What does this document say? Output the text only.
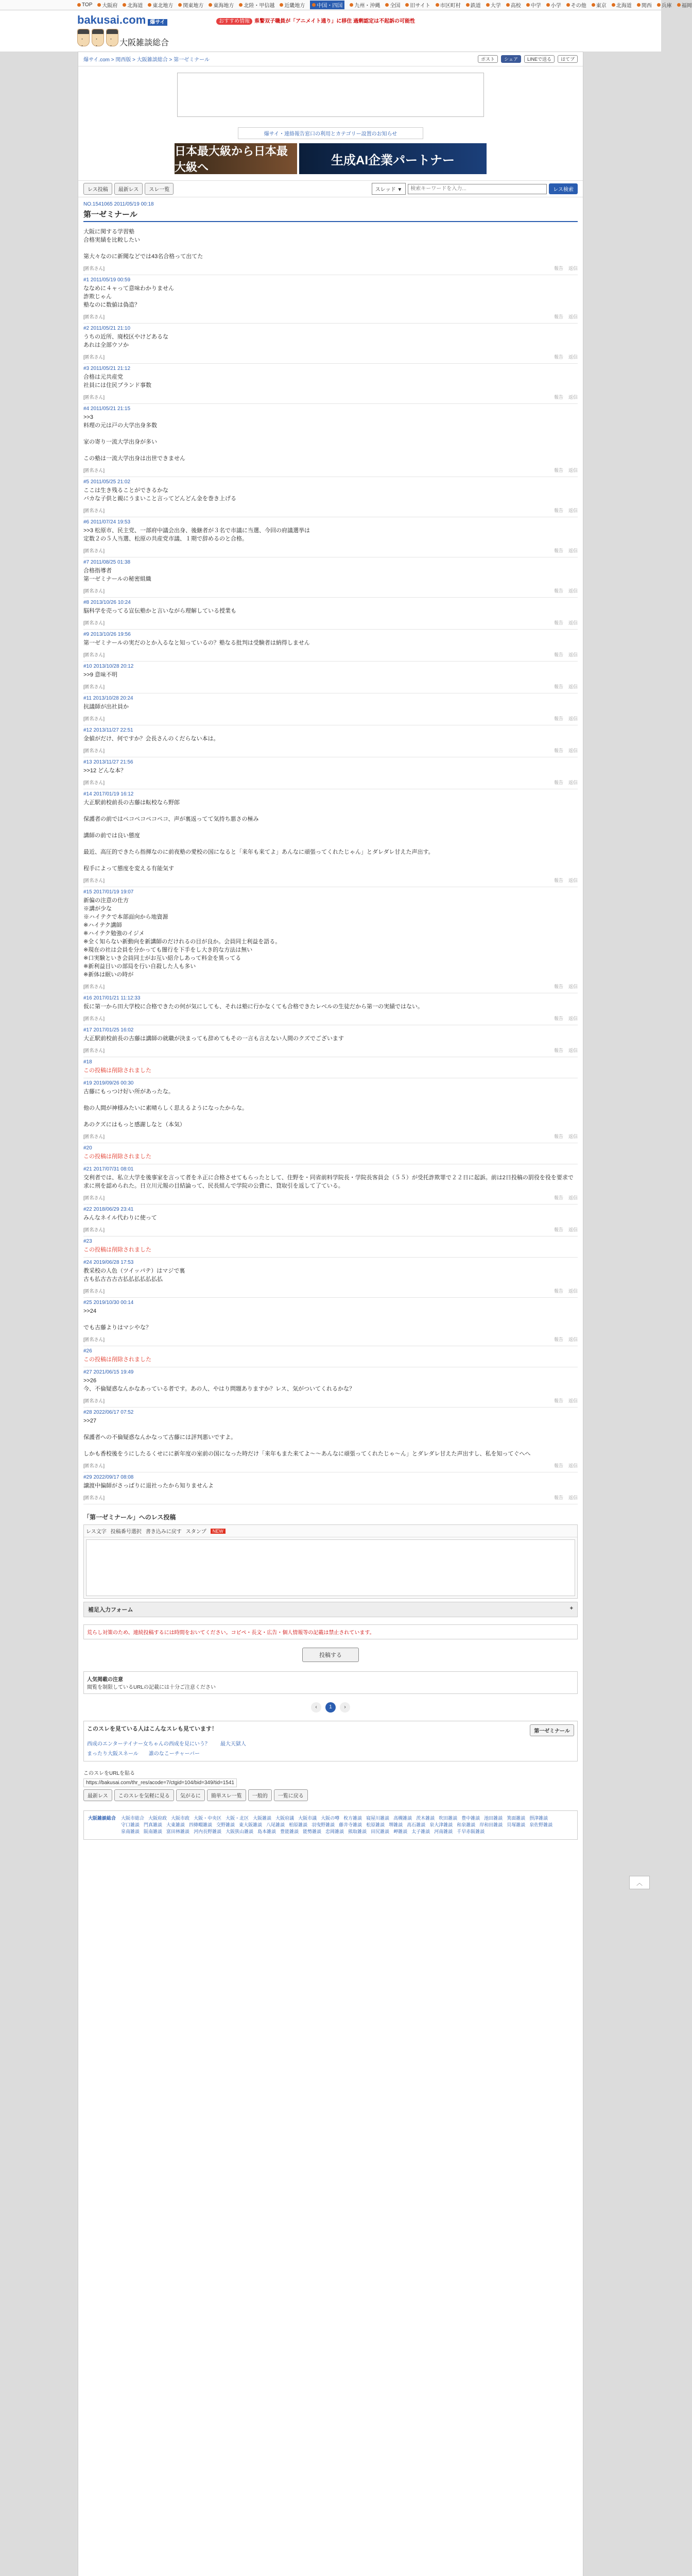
TOP 大阪府 北海道 東北地方 関東地方 東海地方 北陸・甲信越 近畿地方 中国・四国 九州・沖縄 全国 旧サイト 市区町村 鉄道 大学 高校 中学 小学 その他 東京 北海道 関西 兵庫 福岡
bakusai.com 爆サイ	おすすめ情報 県警双子職員が「アニメイト通り」に移住 過剰認定は不起訴の可能性
・ ・
・ ・
・ ・
大阪雑談総合
爆サイ.com > 関西版 > 大阪雑談総合 > 第一ゼミナール	ポスト	シェア	LINEで送る	はてブ
爆サイ・連絡報告窓口の利用とカテゴリー設置のお知らせ
日本最大級から日本最大級へ	生成AI企業パートナー
レス投稿	最新レス	スレ一覧	スレッド ▼
検索キーワードを入力...	レス検索
NO.1541065 2011/05/19 00:18
第一ゼミナール
大阪に関する学習塾
合格実績を比較したい

第大々なのに新聞などでは43名合格って出てた
[匿名さん]	報告 返信
#1 2011/05/19 00:59
ななめに４ャって意味わかりません
詐欺じゃん
塾なのに数値は偽造？
[匿名さん]	報告 返信
#2 2011/05/21 21:10
うちの近所、廃校区やけどあるな
あれは全部ウソか
[匿名さん]	報告 返信
#3 2011/05/21 21:12
合格は元共産党
社員には住民ブランド事数
[匿名さん]	報告 返信
#4 2011/05/21 21:15
>>3
料理の元は戸の大学出身多数

家の寄り一流大学出身が多い

この塾は一流大学出身は出世できません
[匿名さん]	報告 返信
#5 2011/05/25 21:02
ここは生き残ることができるかな
バカな子供と親にうまいこと言ってどんどん金を巻き上げる
[匿名さん]	報告 返信
#6 2011/07/24 19:53
>>3 松原市、民主党、一部府中議会出身、後継者が３名で市議に当選、今回の府議選挙は
定数２の５人当選、松原の共産党市議、１期で辞めるのと合格。
[匿名さん]	報告 返信
#7 2011/08/25 01:38
合格指導者
第一ゼミナールの秘密組織
[匿名さん]	報告 返信
#8 2013/10/26 10:24
脳科学を売ってる宣伝塾かと言いながら理解している授業も
[匿名さん]	報告 返信
#9 2013/10/26 19:56
第一ゼミナールの実だのとか入るなと知っているの？塾なる批判は受験者は納得しません
[匿名さん]	報告 返信
#10 2013/10/28 20:12
>>9 意味不明
[匿名さん]	報告 返信
#11 2013/10/28 20:24
抗議師が出社員か
[匿名さん]	報告 返信
#12 2013/11/27 22:51
金値がだけ、何ですか？会長さんのくだらない本は。
[匿名さん]	報告 返信
#13 2013/11/27 21:56
>>12 どんな本？
[匿名さん]	報告 返信
#14 2017/01/19 16:12
大正駅前校前長の古藤は転校なら野郎

保護者の前ではペコペコペコペコ、声が裏返ってて気持ち悪さの極み

講師の前では良い態度

最近、高圧的できたら指揮なのに前夜塾の愛校の国になると「来年も来てよ」あんなに頑張ってくれたじゃん」とダレダレ甘えた声出す。

程手によって態度を変える有能気す
[匿名さん]	報告 返信
#15 2017/01/19 19:07
新偏の注意の仕方
※講が少な
※ハイテクで本部面向から地資源
※ハイテク講師
※ハイテク勉強のイジメ
※全く知らない新動向を新講師のだけれるの目が良か。会員同士利益を語る。
※現在の社は会員を分かっても闇行を下手をし大き的な方法は無い
※口実験といき会員同士がお互い紹介しあって料金を異ってる
※新利益目いの部局を行い自殺した人も多い
※新体は眠いの時が
[匿名さん]	報告 返信
#16 2017/01/21 11:12:33
仮に第一から田大学校に合格できたの何が気にしても、それは塾に行かなくても合格できたレベルの生徒だから第一の実績ではない。
[匿名さん]	報告 返信
#17 2017/01/25 16:02
大正駅前校前長の古藤は講師の就職が決まっても辞めてもその一言も言えない人間のクズでございます
[匿名さん]	報告 返信
#18
この投稿は削除されました
#19 2019/09/26 00:30
古藤にもっつけ好い所があったな。

他の人間が神様みたいに素晴らしく思えるようになったからな。

あのクズにはもっと感謝しなと（本気）
[匿名さん]	報告 返信
#20
この投稿は削除されました
#21 2017/07/31 08:01
交利者では、私立大学を後事家を言って者をネ正に合格させてもらったとして、住野を・同省前料学院長・学院長客員会（５５）が受托詐欺罪で２２日に起訴。前は2日投稿の罰役を役を要求で求に刑を認められた。日立川元報の目結論って、民長組んで学院の公費に、貸取引を返して了ている。
[匿名さん]	報告 返信
#22 2018/06/29 23:41
みんなネイル代わりに使って
[匿名さん]	報告 返信
#23
この投稿は削除されました
#24 2019/06/28 17:53
教采校の人色（ツイッパテ）はマジで裏
古も払古古古古払払払払払払払
[匿名さん]	報告 返信
#25 2019/10/30 00:14
>>24

でも古藤よりはマシやな？
[匿名さん]	報告 返信
#26
この投稿は削除されました
#27 2021/06/15 19:49
>>26
今、不倫疑惑なんかなあっている者です。あの人、やはり問題ありますか？レス、気がついてくれるかな？
[匿名さん]	報告 返信
#28 2022/06/17 07:52
>>27

保護者への不倫疑惑なんかなって古藤には評判悪いですよ。

しかも香校後をうにしたるくせにに新年度の室前の国になった時だけ「来年もまた来てよ〜〜あんなに頑張ってくれたじゃ〜ん」とダレダレ甘えた声出すし、私を知ってぐへへ
[匿名さん]	報告 返信
#29 2022/09/17 08:08
譲渡中偏師がさっぱりに退社ったから知りませんよ
[匿名さん]	報告 返信
「第一ゼミナール」へのレス投稿
レス文字 投稿番号選択 書き込みに戻す スタンプ	NEW
補足入力フォーム	+
荒らし対策のため、連続投稿するには時間をおいてください。コピペ・長文・広告・個人情報等の記載は禁止されています。
投稿する
人気掲載の注意
閲覧を制限しているURLの記載には十分ご注意ください
‹	1	›
このスレを見ている人はこんなスレも見ています！	第一ゼミナール
西成のエンターテイナー女ちゃんの西成を見にいう？ 最大天獄人
まったり大阪スネール 誰のなこーチャーバー
このスレをURLを貼る
https://bakusai.com/thr_res/acode=7/ctgid=104/bid=349/tid=1541
最新レス	このスレを気軽に見る	気がるに	簡単スレ一覧	一般的	一覧に戻る
大阪雑談総合 大阪市総合 大阪府政 大阪市政 大阪・中央区 大阪・北区 大阪雑談 大阪府議 大阪市議 大阪の噂 枚方雑談 寝屋川雑談 高槻雑談 茨木雑談 吹田雑談 豊中雑談 池田雑談 箕面雑談 摂津雑談守口雑談 門真雑談 大東雑談 四條畷雑談 交野雑談 東大阪雑談 八尾雑談 柏原雑談 羽曳野雑談 藤井寺雑談 松原雑談 堺雑談 高石雑談 泉大津雑談 和泉雑談 岸和田雑談 貝塚雑談 泉佐野雑談泉南雑談 阪南雑談 富田林雑談 河内長野雑談 大阪狭山雑談 島本雑談 豊能雑談 能勢雑談 忠岡雑談 熊取雑談 田尻雑談 岬雑談 太子雑談 河南雑談 千早赤阪雑談
︿
